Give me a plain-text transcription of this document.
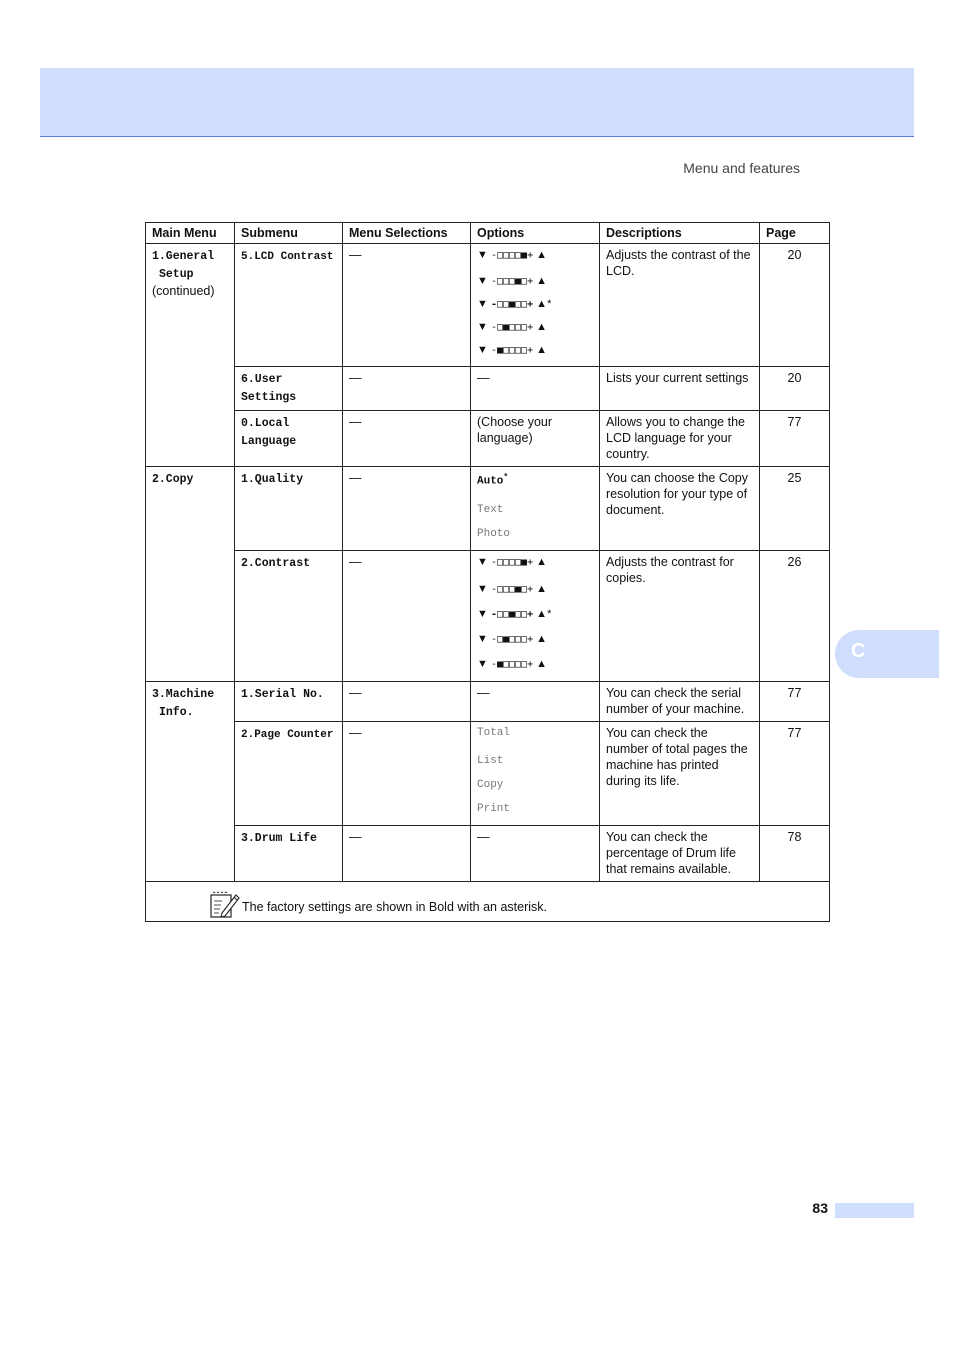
Menu and features
Main Menu	Submenu	Menu Selections	Options	Descriptions	Page
1.General
Setup
(continued)	5.LCD Contrast	—	▼ -□□□□■+ ▲
▼ -□□□■□+ ▲
▼ -□□■□□+ ▲*
▼ -□■□□□+ ▲
▼ -■□□□□+ ▲	Adjusts the contrast of the LCD.	20
	6.User
Settings	—	—	Lists your current settings	20
	0.Local
Language	—	(Choose your language)	Allows you to change the LCD language for your country.	77
2.Copy	1.Quality	—	Auto*
Text
Photo	You can choose the Copy resolution for your type of document.	25
	2.Contrast	—	▼ -□□□□■+ ▲
▼ -□□□■□+ ▲
▼ -□□■□□+ ▲*
▼ -□■□□□+ ▲
▼ -■□□□□+ ▲	Adjusts the contrast for copies.	26
3.Machine
Info.	1.Serial No.	—	—	You can check the serial number of your machine.	77
	2.Page Counter	—	Total
List
Copy
Print	You can check the number of total pages the machine has printed during its life.	77
	3.Drum Life	—	—	You can check the percentage of Drum life that remains available.	78

The factory settings are shown in Bold with an asterisk.					
C
83
